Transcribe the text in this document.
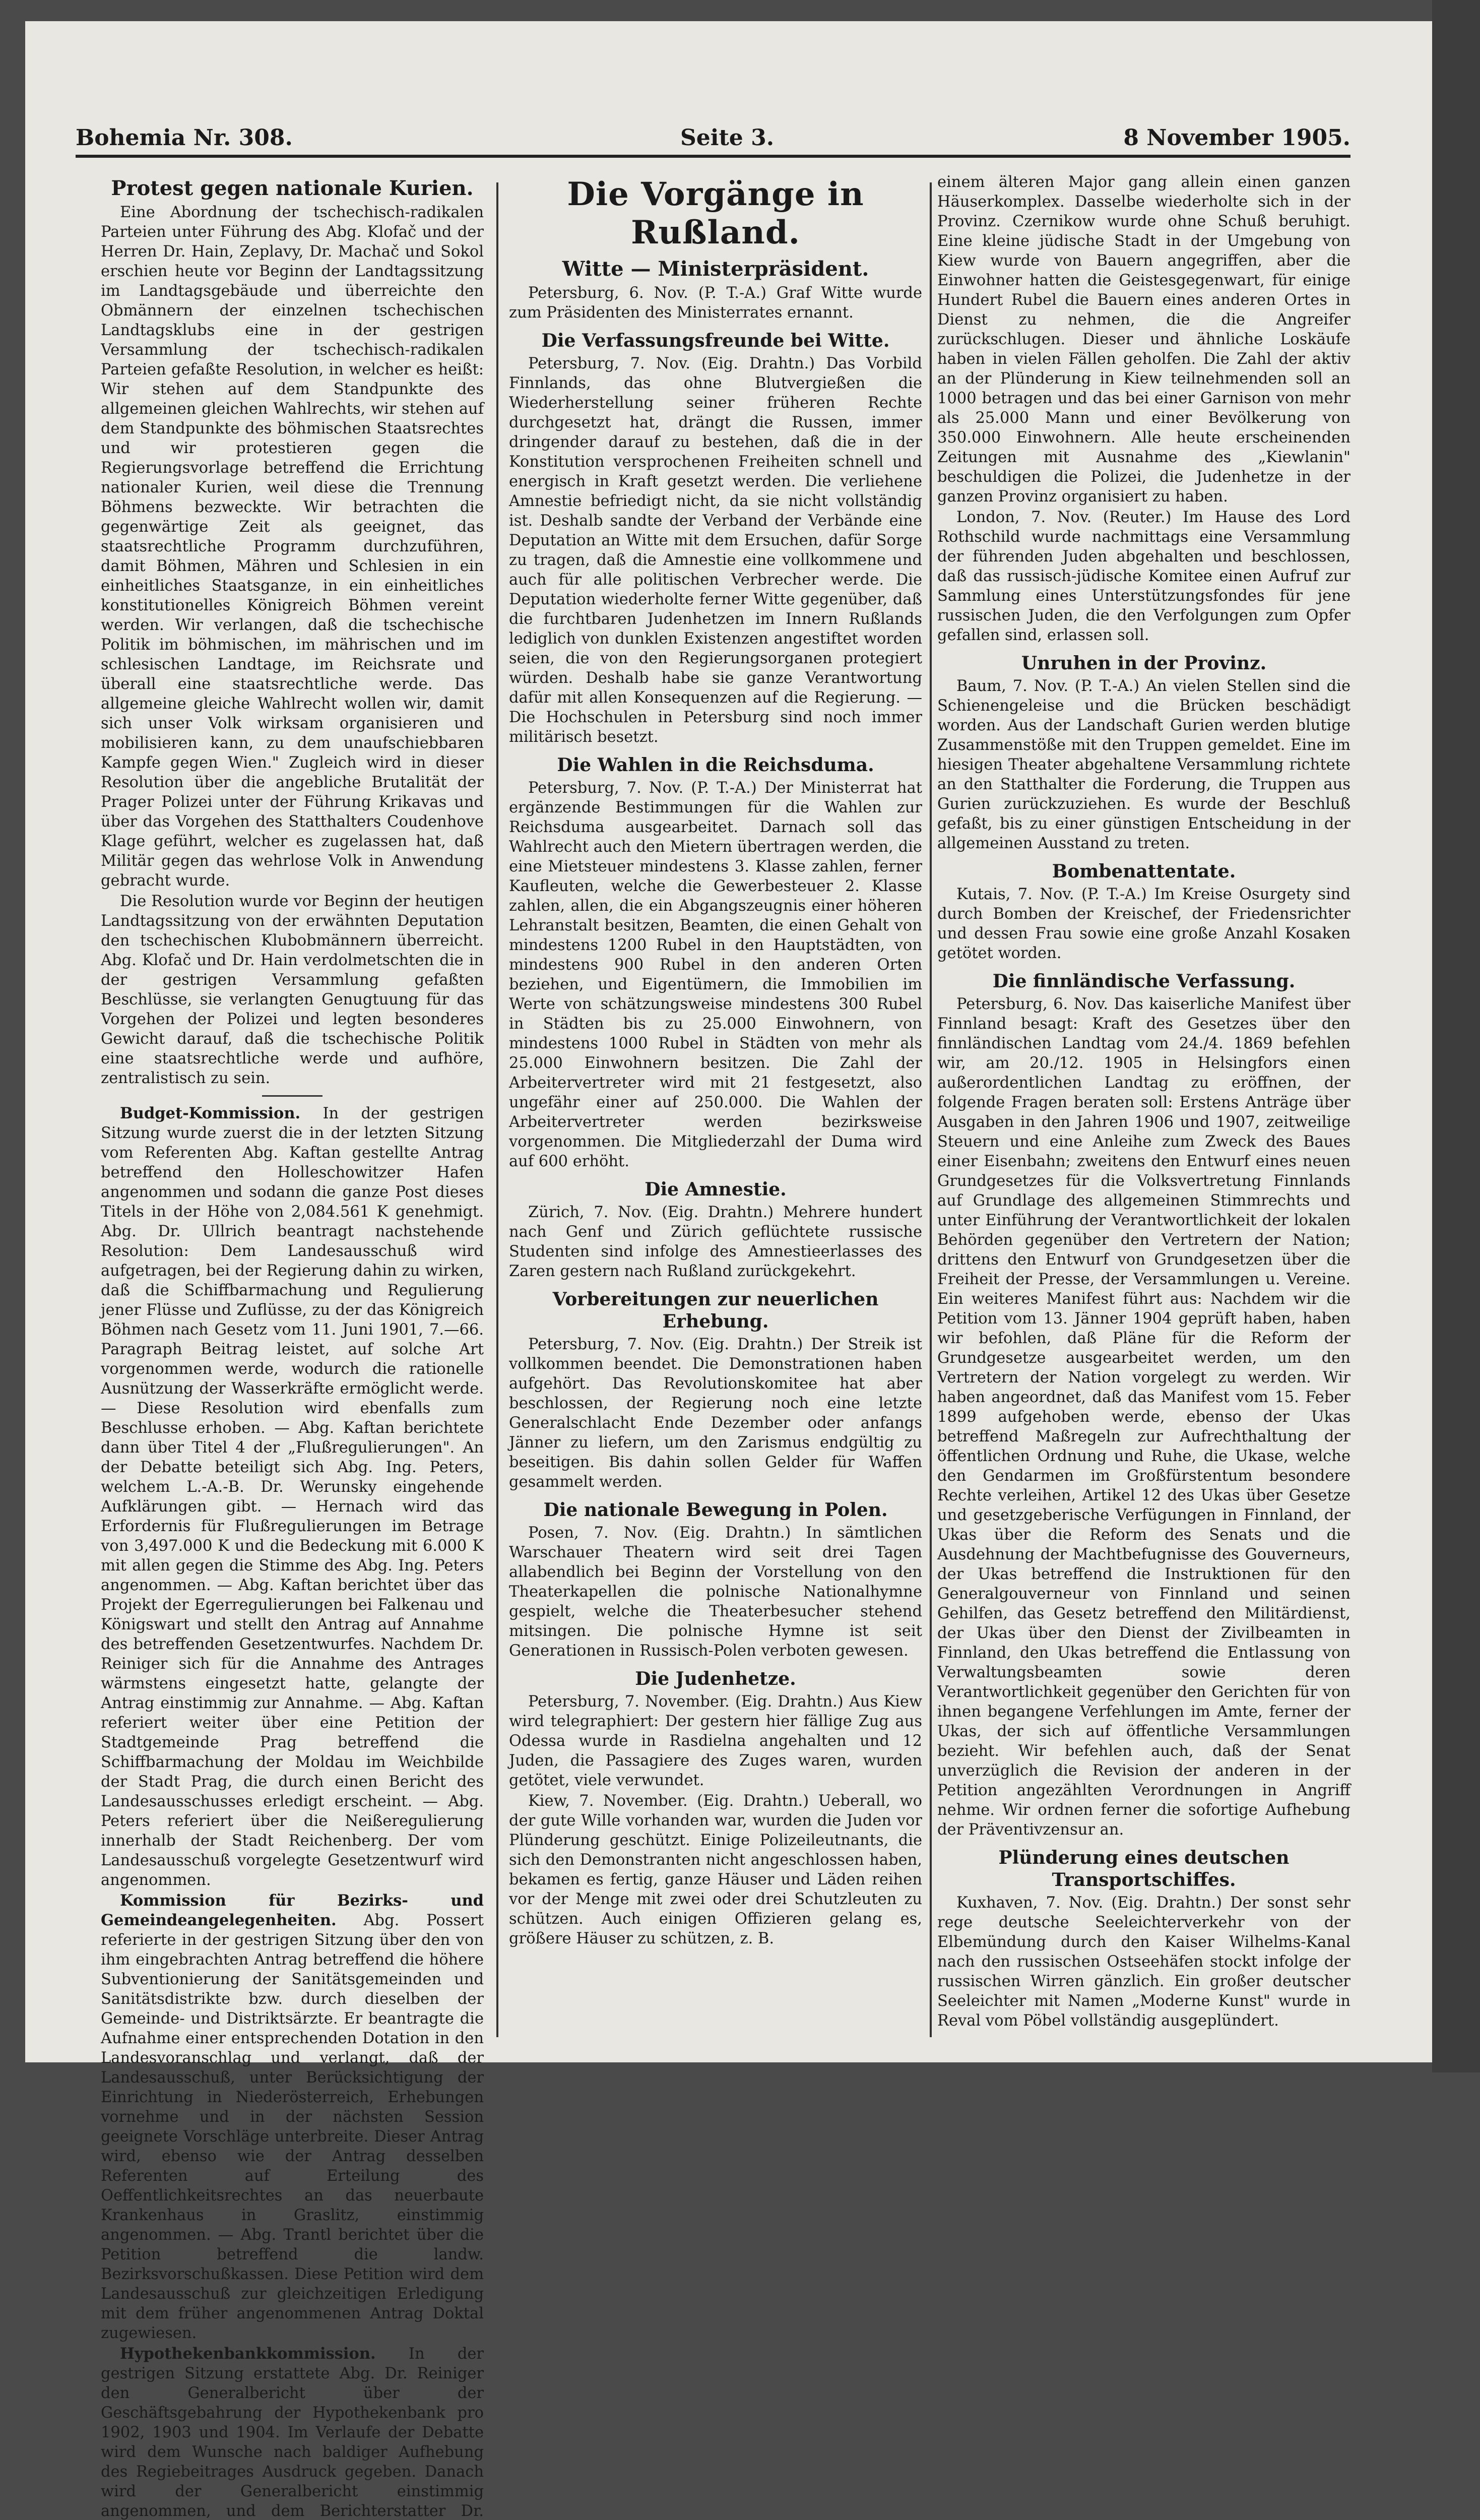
Bohemia Nr. 308.	Seite 3.	8 November 1905.
Protest gegen nationale Kurien.

Eine Abordnung der tschechisch-radikalen Parteien unter Führung des Abg. Klofač und der Herren Dr. Hain, Zeplavy, Dr. Machač und Sokol erschien heute vor Beginn der Landtagssitzung im Landtagsgebäude und überreichte den Obmännern der einzelnen tschechischen Landtagsklubs eine in der gestrigen Versammlung der tschechisch-radikalen Parteien gefaßte Resolution, in welcher es heißt: Wir stehen auf dem Standpunkte des allgemeinen gleichen Wahlrechts, wir stehen auf dem Standpunkte des böhmischen Staatsrechtes und wir protestieren gegen die Regierungsvorlage betreffend die Errichtung nationaler Kurien, weil diese die Trennung Böhmens bezweckte. Wir betrachten die gegenwärtige Zeit als geeignet, das staatsrechtliche Programm durchzuführen, damit Böhmen, Mähren und Schlesien in ein einheitliches Staatsganze, in ein einheitliches konstitutionelles Königreich Böhmen vereint werden. Wir verlangen, daß die tschechische Politik im böhmischen, im mährischen und im schlesischen Landtage, im Reichsrate und überall eine staatsrechtliche werde. Das allgemeine gleiche Wahlrecht wollen wir, damit sich unser Volk wirksam organisieren und mobilisieren kann, zu dem unaufschiebbaren Kampfe gegen Wien." Zugleich wird in dieser Resolution über die angebliche Brutalität der Prager Polizei unter der Führung Krikavas und über das Vorgehen des Statthalters Coudenhove Klage geführt, welcher es zugelassen hat, daß Militär gegen das wehrlose Volk in Anwendung gebracht wurde.

Die Resolution wurde vor Beginn der heutigen Landtagssitzung von der erwähnten Deputation den tschechischen Klubobmännern überreicht. Abg. Klofač und Dr. Hain verdolmetschten die in der gestrigen Versammlung gefaßten Beschlüsse, sie verlangten Genugtuung für das Vorgehen der Polizei und legten besonderes Gewicht darauf, daß die tschechische Politik eine staatsrechtliche werde und aufhöre, zentralistisch zu sein.

Budget-Kommission. In der gestrigen Sitzung wurde zuerst die in der letzten Sitzung vom Referenten Abg. Kaftan gestellte Antrag betreffend den Holleschowitzer Hafen angenommen und sodann die ganze Post dieses Titels in der Höhe von 2,084.561 K genehmigt. Abg. Dr. Ullrich beantragt nachstehende Resolution: Dem Landesausschuß wird aufgetragen, bei der Regierung dahin zu wirken, daß die Schiffbarmachung und Regulierung jener Flüsse und Zuflüsse, zu der das Königreich Böhmen nach Gesetz vom 11. Juni 1901, 7.—66. Paragraph Beitrag leistet, auf solche Art vorgenommen werde, wodurch die rationelle Ausnützung der Wasserkräfte ermöglicht werde. — Diese Resolution wird ebenfalls zum Beschlusse erhoben. — Abg. Kaftan berichtete dann über Titel 4 der „Flußregulierungen". An der Debatte beteiligt sich Abg. Ing. Peters, welchem L.-A.-B. Dr. Werunsky eingehende Aufklärungen gibt. — Hernach wird das Erfordernis für Flußregulierungen im Betrage von 3,497.000 K und die Bedeckung mit 6.000 K mit allen gegen die Stimme des Abg. Ing. Peters angenommen. — Abg. Kaftan berichtet über das Projekt der Egerregulierungen bei Falkenau und Königswart und stellt den Antrag auf Annahme des betreffenden Gesetzentwurfes. Nachdem Dr. Reiniger sich für die Annahme des Antrages wärmstens eingesetzt hatte, gelangte der Antrag einstimmig zur Annahme. — Abg. Kaftan referiert weiter über eine Petition der Stadtgemeinde Prag betreffend die Schiffbarmachung der Moldau im Weichbilde der Stadt Prag, die durch einen Bericht des Landesausschusses erledigt erscheint. — Abg. Peters referiert über die Neißeregulierung innerhalb der Stadt Reichenberg. Der vom Landesausschuß vorgelegte Gesetzentwurf wird angenommen.

Kommission für Bezirks- und Gemeindeangelegenheiten. Abg. Possert referierte in der gestrigen Sitzung über den von ihm eingebrachten Antrag betreffend die höhere Subventionierung der Sanitätsgemeinden und Sanitätsdistrikte bzw. durch dieselben der Gemeinde- und Distriktsärzte. Er beantragte die Aufnahme einer entsprechenden Dotation in den Landesvoranschlag und verlangt, daß der Landesausschuß, unter Berücksichtigung der Einrichtung in Niederösterreich, Erhebungen vornehme und in der nächsten Session geeignete Vorschläge unterbreite. Dieser Antrag wird, ebenso wie der Antrag desselben Referenten auf Erteilung des Oeffentlichkeitsrechtes an das neuerbaute Krankenhaus in Graslitz, einstimmig angenommen. — Abg. Trantl berichtet über die Petition betreffend die landw. Bezirksvorschußkassen. Diese Petition wird dem Landesausschuß zur gleichzeitigen Erledigung mit dem früher angenommenen Antrag Doktal zugewiesen.

Hypothekenbankkommission. In der gestrigen Sitzung erstattete Abg. Dr. Reiniger den Generalbericht über der Geschäftsgebahrung der Hypothekenbank pro 1902, 1903 und 1904. Im Verlaufe der Debatte wird dem Wunsche nach baldiger Aufhebung des Regiebeitrages Ausdruck gegeben. Danach wird der Generalbericht einstimmig angenommen, und dem Berichterstatter Dr.

Die Vorgänge in Rußland.
Witte — Ministerpräsident.

Petersburg, 6. Nov. (P. T.-A.) Graf Witte wurde zum Präsidenten des Ministerrates ernannt.

Die Verfassungsfreunde bei Witte.

Petersburg, 7. Nov. (Eig. Drahtn.) Das Vorbild Finnlands, das ohne Blutvergießen die Wiederherstellung seiner früheren Rechte durchgesetzt hat, drängt die Russen, immer dringender darauf zu bestehen, daß die in der Konstitution versprochenen Freiheiten schnell und energisch in Kraft gesetzt werden. Die verliehene Amnestie befriedigt nicht, da sie nicht vollständig ist. Deshalb sandte der Verband der Verbände eine Deputation an Witte mit dem Ersuchen, dafür Sorge zu tragen, daß die Amnestie eine vollkommene und auch für alle politischen Verbrecher werde. Die Deputation wiederholte ferner Witte gegenüber, daß die furchtbaren Judenhetzen im Innern Rußlands lediglich von dunklen Existenzen angestiftet worden seien, die von den Regierungsorganen protegiert würden. Deshalb habe sie ganze Verantwortung dafür mit allen Konsequenzen auf die Regierung. — Die Hochschulen in Petersburg sind noch immer militärisch besetzt.

Die Wahlen in die Reichsduma.

Petersburg, 7. Nov. (P. T.-A.) Der Ministerrat hat ergänzende Bestimmungen für die Wahlen zur Reichsduma ausgearbeitet. Darnach soll das Wahlrecht auch den Mietern übertragen werden, die eine Mietsteuer mindestens 3. Klasse zahlen, ferner Kaufleuten, welche die Gewerbesteuer 2. Klasse zahlen, allen, die ein Abgangszeugnis einer höheren Lehranstalt besitzen, Beamten, die einen Gehalt von mindestens 1200 Rubel in den Hauptstädten, von mindestens 900 Rubel in den anderen Orten beziehen, und Eigentümern, die Immobilien im Werte von schätzungsweise mindestens 300 Rubel in Städten bis zu 25.000 Einwohnern, von mindestens 1000 Rubel in Städten von mehr als 25.000 Einwohnern besitzen. Die Zahl der Arbeitervertreter wird mit 21 festgesetzt, also ungefähr einer auf 250.000. Die Wahlen der Arbeitervertreter werden bezirksweise vorgenommen. Die Mitgliederzahl der Duma wird auf 600 erhöht.

Die Amnestie.

Zürich, 7. Nov. (Eig. Drahtn.) Mehrere hundert nach Genf und Zürich geflüchtete russische Studenten sind infolge des Amnestieerlasses des Zaren gestern nach Rußland zurückgekehrt.

Vorbereitungen zur neuerlichen Erhebung.

Petersburg, 7. Nov. (Eig. Drahtn.) Der Streik ist vollkommen beendet. Die Demonstrationen haben aufgehört. Das Revolutionskomitee hat aber beschlossen, der Regierung noch eine letzte Generalschlacht Ende Dezember oder anfangs Jänner zu liefern, um den Zarismus endgültig zu beseitigen. Bis dahin sollen Gelder für Waffen gesammelt werden.

Die nationale Bewegung in Polen.

Posen, 7. Nov. (Eig. Drahtn.) In sämtlichen Warschauer Theatern wird seit drei Tagen allabendlich bei Beginn der Vorstellung von den Theaterkapellen die polnische Nationalhymne gespielt, welche die Theaterbesucher stehend mitsingen. Die polnische Hymne ist seit Generationen in Russisch-Polen verboten gewesen.

Die Judenhetze.

Petersburg, 7. November. (Eig. Drahtn.) Aus Kiew wird telegraphiert: Der gestern hier fällige Zug aus Odessa wurde in Rasdielna angehalten und 12 Juden, die Passagiere des Zuges waren, wurden getötet, viele verwundet.

Kiew, 7. November. (Eig. Drahtn.) Ueberall, wo der gute Wille vorhanden war, wurden die Juden vor Plünderung geschützt. Einige Polizeileutnants, die sich den Demonstranten nicht angeschlossen haben, bekamen es fertig, ganze Häuser und Läden reihen vor der Menge mit zwei oder drei Schutzleuten zu schützen. Auch einigen Offizieren gelang es, größere Häuser zu schützen, z. B.

einem älteren Major gang allein einen ganzen Häuserkomplex. Dasselbe wiederholte sich in der Provinz. Czernikow wurde ohne Schuß beruhigt. Eine kleine jüdische Stadt in der Umgebung von Kiew wurde von Bauern angegriffen, aber die Einwohner hatten die Geistesgegenwart, für einige Hundert Rubel die Bauern eines anderen Ortes in Dienst zu nehmen, die die Angreifer zurückschlugen. Dieser und ähnliche Loskäufe haben in vielen Fällen geholfen. Die Zahl der aktiv an der Plünderung in Kiew teilnehmenden soll an 1000 betragen und das bei einer Garnison von mehr als 25.000 Mann und einer Bevölkerung von 350.000 Einwohnern. Alle heute erscheinenden Zeitungen mit Ausnahme des „Kiewlanin" beschuldigen die Polizei, die Judenhetze in der ganzen Provinz organisiert zu haben.

London, 7. Nov. (Reuter.) Im Hause des Lord Rothschild wurde nachmittags eine Versammlung der führenden Juden abgehalten und beschlossen, daß das russisch-jüdische Komitee einen Aufruf zur Sammlung eines Unterstützungsfondes für jene russischen Juden, die den Verfolgungen zum Opfer gefallen sind, erlassen soll.

Unruhen in der Provinz.

Baum, 7. Nov. (P. T.-A.) An vielen Stellen sind die Schienengeleise und die Brücken beschädigt worden. Aus der Landschaft Gurien werden blutige Zusammenstöße mit den Truppen gemeldet. Eine im hiesigen Theater abgehaltene Versammlung richtete an den Statthalter die Forderung, die Truppen aus Gurien zurückzuziehen. Es wurde der Beschluß gefaßt, bis zu einer günstigen Entscheidung in der allgemeinen Ausstand zu treten.

Bombenattentate.

Kutais, 7. Nov. (P. T.-A.) Im Kreise Osurgety sind durch Bomben der Kreischef, der Friedensrichter und dessen Frau sowie eine große Anzahl Kosaken getötet worden.

Die finnländische Verfassung.

Petersburg, 6. Nov. Das kaiserliche Manifest über Finnland besagt: Kraft des Gesetzes über den finnländischen Landtag vom 24./4. 1869 befehlen wir, am 20./12. 1905 in Helsingfors einen außerordentlichen Landtag zu eröffnen, der folgende Fragen beraten soll: Erstens Anträge über Ausgaben in den Jahren 1906 und 1907, zeitweilige Steuern und eine Anleihe zum Zweck des Baues einer Eisenbahn; zweitens den Entwurf eines neuen Grundgesetzes für die Volksvertretung Finnlands auf Grundlage des allgemeinen Stimmrechts und unter Einführung der Verantwortlichkeit der lokalen Behörden gegenüber den Vertretern der Nation; drittens den Entwurf von Grundgesetzen über die Freiheit der Presse, der Versammlungen u. Vereine. Ein weiteres Manifest führt aus: Nachdem wir die Petition vom 13. Jänner 1904 geprüft haben, haben wir befohlen, daß Pläne für die Reform der Grundgesetze ausgearbeitet werden, um den Vertretern der Nation vorgelegt zu werden. Wir haben angeordnet, daß das Manifest vom 15. Feber 1899 aufgehoben werde, ebenso der Ukas betreffend Maßregeln zur Aufrechthaltung der öffentlichen Ordnung und Ruhe, die Ukase, welche den Gendarmen im Großfürstentum besondere Rechte verleihen, Artikel 12 des Ukas über Gesetze und gesetzgeberische Verfügungen in Finnland, der Ukas über die Reform des Senats und die Ausdehnung der Machtbefugnisse des Gouverneurs, der Ukas betreffend die Instruktionen für den Generalgouverneur von Finnland und seinen Gehilfen, das Gesetz betreffend den Militärdienst, der Ukas über den Dienst der Zivilbeamten in Finnland, den Ukas betreffend die Entlassung von Verwaltungsbeamten sowie deren Verantwortlichkeit gegenüber den Gerichten für von ihnen begangene Verfehlungen im Amte, ferner der Ukas, der sich auf öffentliche Versammlungen bezieht. Wir befehlen auch, daß der Senat unverzüglich die Revision der anderen in der Petition angezählten Verordnungen in Angriff nehme. Wir ordnen ferner die sofortige Aufhebung der Präventivzensur an.

Plünderung eines deutschen Transportschiffes.

Kuxhaven, 7. Nov. (Eig. Drahtn.) Der sonst sehr rege deutsche Seeleichterverkehr von der Elbemündung durch den Kaiser Wilhelms-Kanal nach den russischen Ostseehäfen stockt infolge der russischen Wirren gänzlich. Ein großer deutscher Seeleichter mit Namen „Moderne Kunst" wurde in Reval vom Pöbel vollständig ausgeplündert.
